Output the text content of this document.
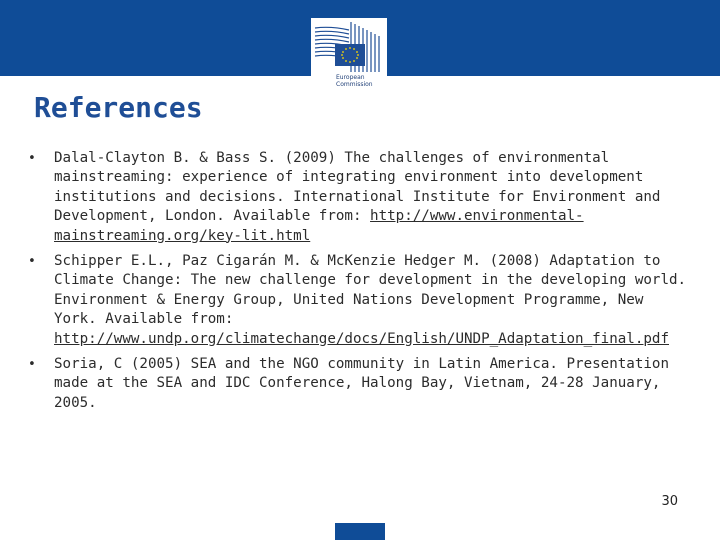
European
Commission
References
• Dalal-Clayton B. & Bass S. (2009) The challenges of environmental mainstreaming: experience of integrating environment into development institutions and decisions. International Institute for Environment and Development, London. Available from: http://www.environmental-mainstreaming.org/key-lit.html
• Schipper E.L., Paz Cigarán M. & McKenzie Hedger M. (2008) Adaptation to Climate Change: The new challenge for development in the developing world. Environment & Energy Group, United Nations Development Programme, New York. Available from: http://www.undp.org/climatechange/docs/English/UNDP_Adaptation_final.pdf
• Soria, C (2005) SEA and the NGO community in Latin America. Presentation made at the SEA and IDC Conference, Halong Bay, Vietnam, 24-28 January, 2005.
30
